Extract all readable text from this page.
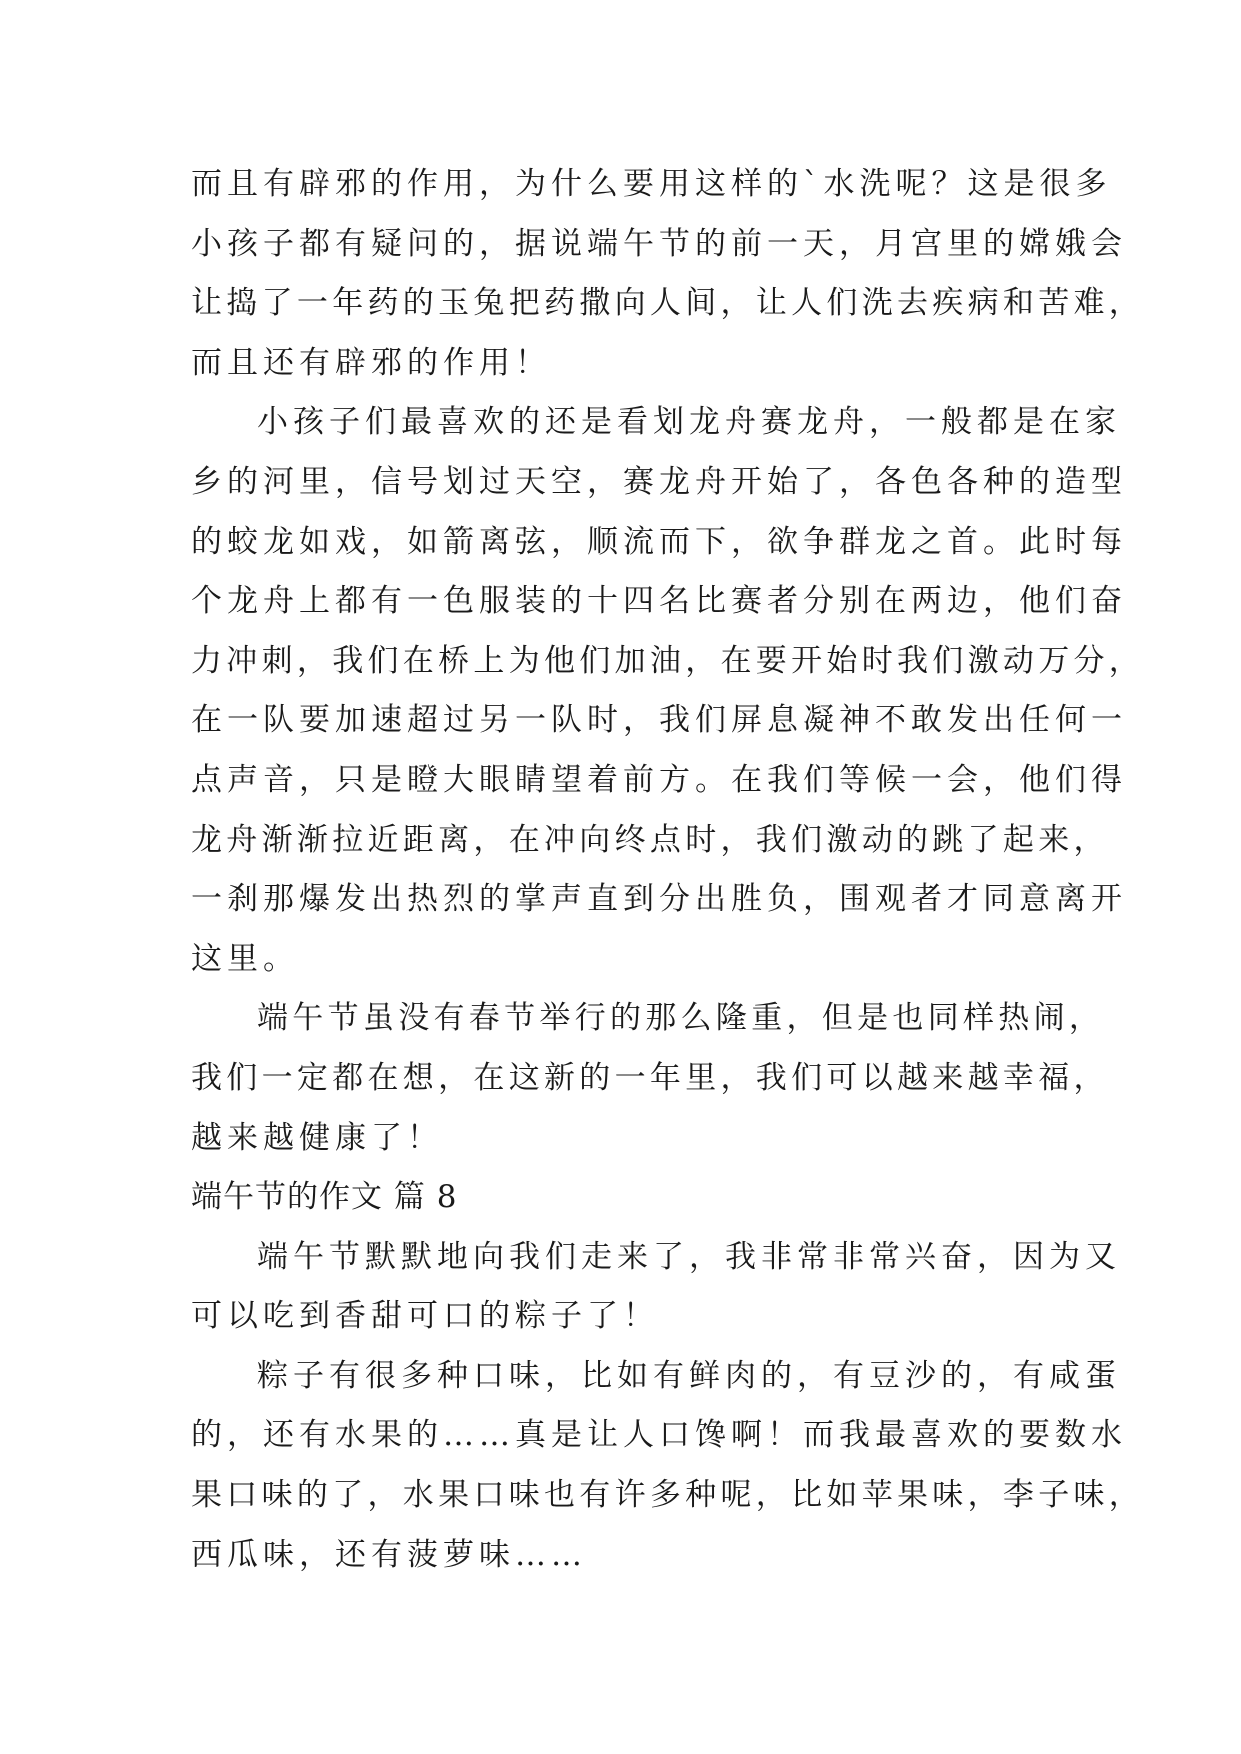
而且有辟邪的作用，为什么要用这样的`水洗呢？这是很多
小孩子都有疑问的，据说端午节的前一天，月宫里的嫦娥会
让捣了一年药的玉兔把药撒向人间，让人们洗去疾病和苦难，
而且还有辟邪的作用！
小孩子们最喜欢的还是看划龙舟赛龙舟，一般都是在家
乡的河里，信号划过天空，赛龙舟开始了，各色各种的造型
的蛟龙如戏，如箭离弦，顺流而下，欲争群龙之首。此时每
个龙舟上都有一色服装的十四名比赛者分别在两边，他们奋
力冲刺，我们在桥上为他们加油，在要开始时我们激动万分，
在一队要加速超过另一队时，我们屏息凝神不敢发出任何一
点声音，只是瞪大眼睛望着前方。在我们等候一会，他们得
龙舟渐渐拉近距离，在冲向终点时，我们激动的跳了起来，
一刹那爆发出热烈的掌声直到分出胜负，围观者才同意离开
这里。
端午节虽没有春节举行的那么隆重，但是也同样热闹，
我们一定都在想，在这新的一年里，我们可以越来越幸福，
越来越健康了！
端午节的作文 篇 8
端午节默默地向我们走来了，我非常非常兴奋，因为又
可以吃到香甜可口的粽子了！
粽子有很多种口味，比如有鲜肉的，有豆沙的，有咸蛋
的，还有水果的……真是让人口馋啊！而我最喜欢的要数水
果口味的了，水果口味也有许多种呢，比如苹果味，李子味，
西瓜味，还有菠萝味……
